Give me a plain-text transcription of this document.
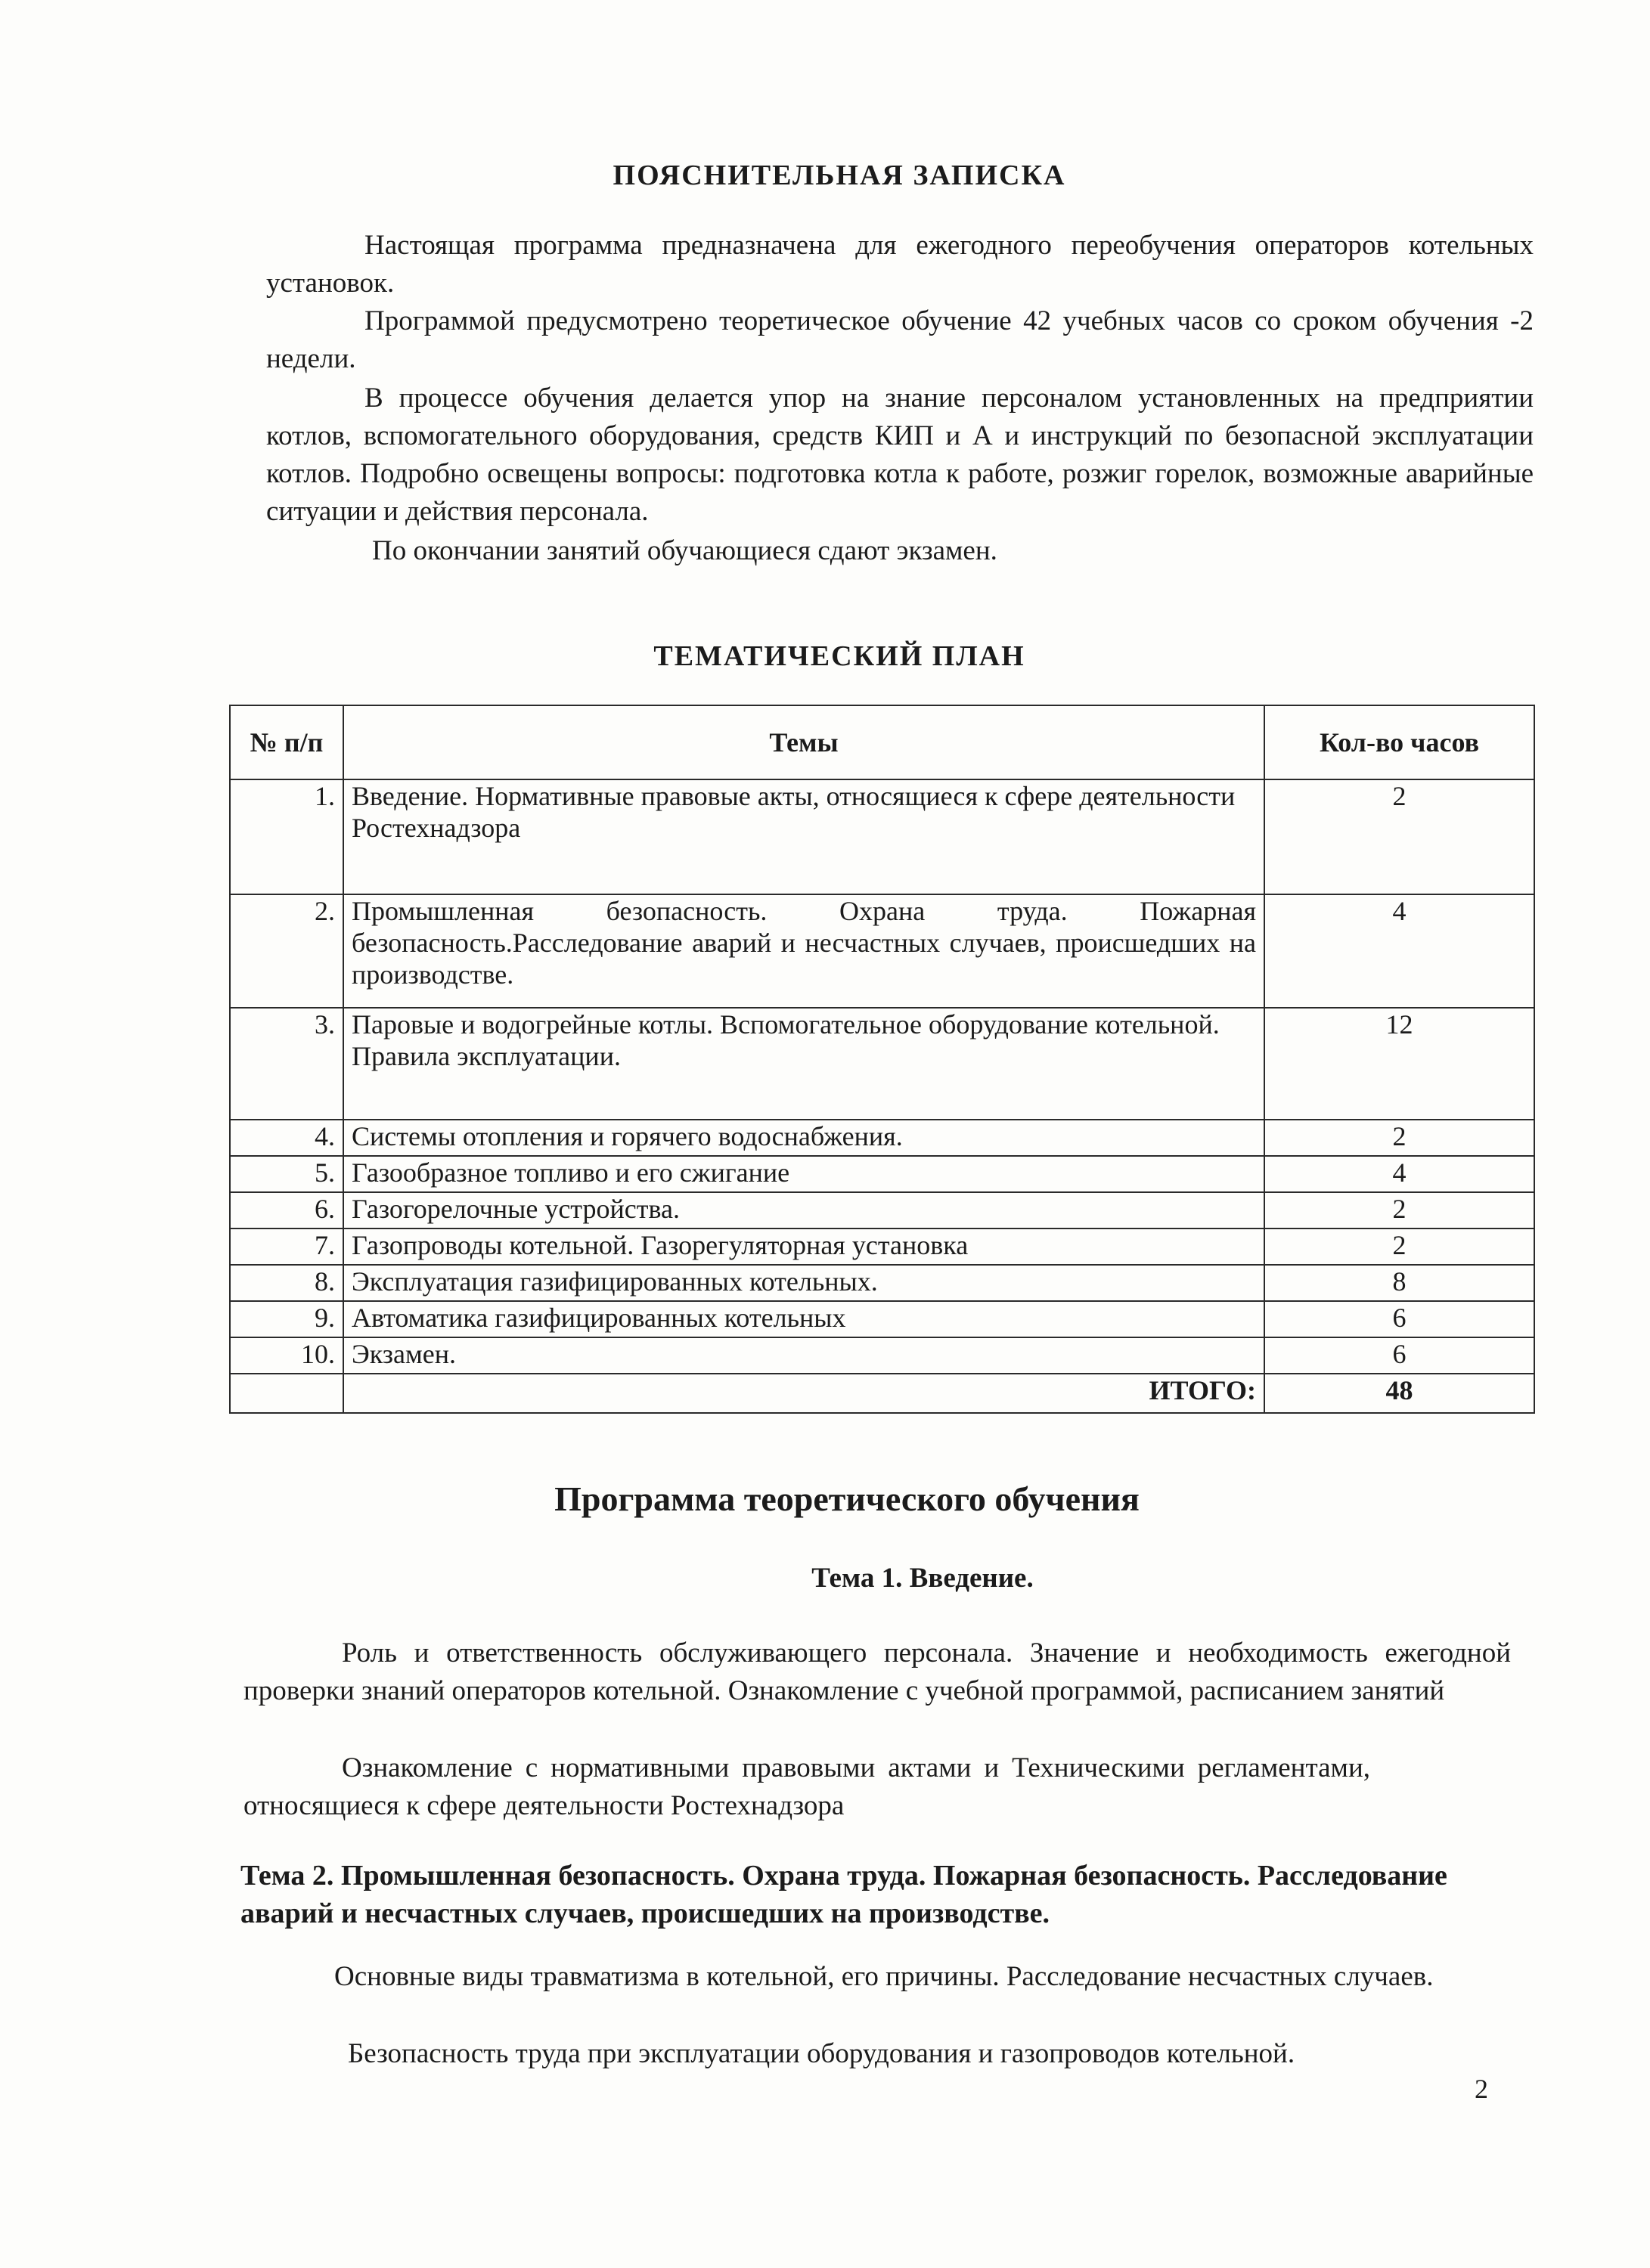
ПОЯСНИТЕЛЬНАЯ ЗАПИСКА
Настоящая программа предназначена для ежегодного переобучения операторов котельных установок.
Программой предусмотрено теоретическое обучение 42 учебных часов со сроком обучения -2 недели.
В процессе обучения делается упор на знание персоналом установленных на предприятии котлов, вспомогательного оборудования, средств КИП и А и инструкций по безопасной эксплуатации котлов. Подробно освещены вопросы: подготовка котла к работе, розжиг горелок, возможные аварийные ситуации и действия персонала.
По окончании занятий обучающиеся сдают экзамен.
ТЕМАТИЧЕСКИЙ ПЛАН
№ п/п	Темы	Кол-во часов
1.	Введение. Нормативные правовые акты, относящиеся к сфере деятельности Ростехнадзора	2
2.	Промышленная безопасность. Охрана труда. Пожарная безопасность.Расследование аварий и несчастных случаев, происшедших на производстве.	4
3.	Паровые и водогрейные котлы. Вспомогательное оборудование котельной. Правила эксплуатации.	12
4.	Системы отопления и горячего водоснабжения.	2
5.	Газообразное топливо и его сжигание	4
6.	Газогорелочные устройства.	2
7.	Газопроводы котельной. Газорегуляторная установка	2
8.	Эксплуатация газифицированных котельных.	8
9.	Автоматика газифицированных котельных	6
10.	Экзамен.	6
	ИТОГО:	48
Программа теоретического обучения
Тема 1. Введение.
Роль и ответственность обслуживающего персонала. Значение и необходимость ежегодной проверки знаний операторов котельной. Ознакомление с учебной программой, расписанием занятий
Ознакомление с нормативными правовыми актами и Техническими регламентами, относящиеся к сфере деятельности Ростехнадзора
Тема 2. Промышленная безопасность. Охрана труда. Пожарная безопасность. Расследование аварий и несчастных случаев, происшедших на производстве.
Основные виды травматизма в котельной, его причины. Расследование несчастных случаев.
Безопасность труда при эксплуатации оборудования и газопроводов котельной.
2
